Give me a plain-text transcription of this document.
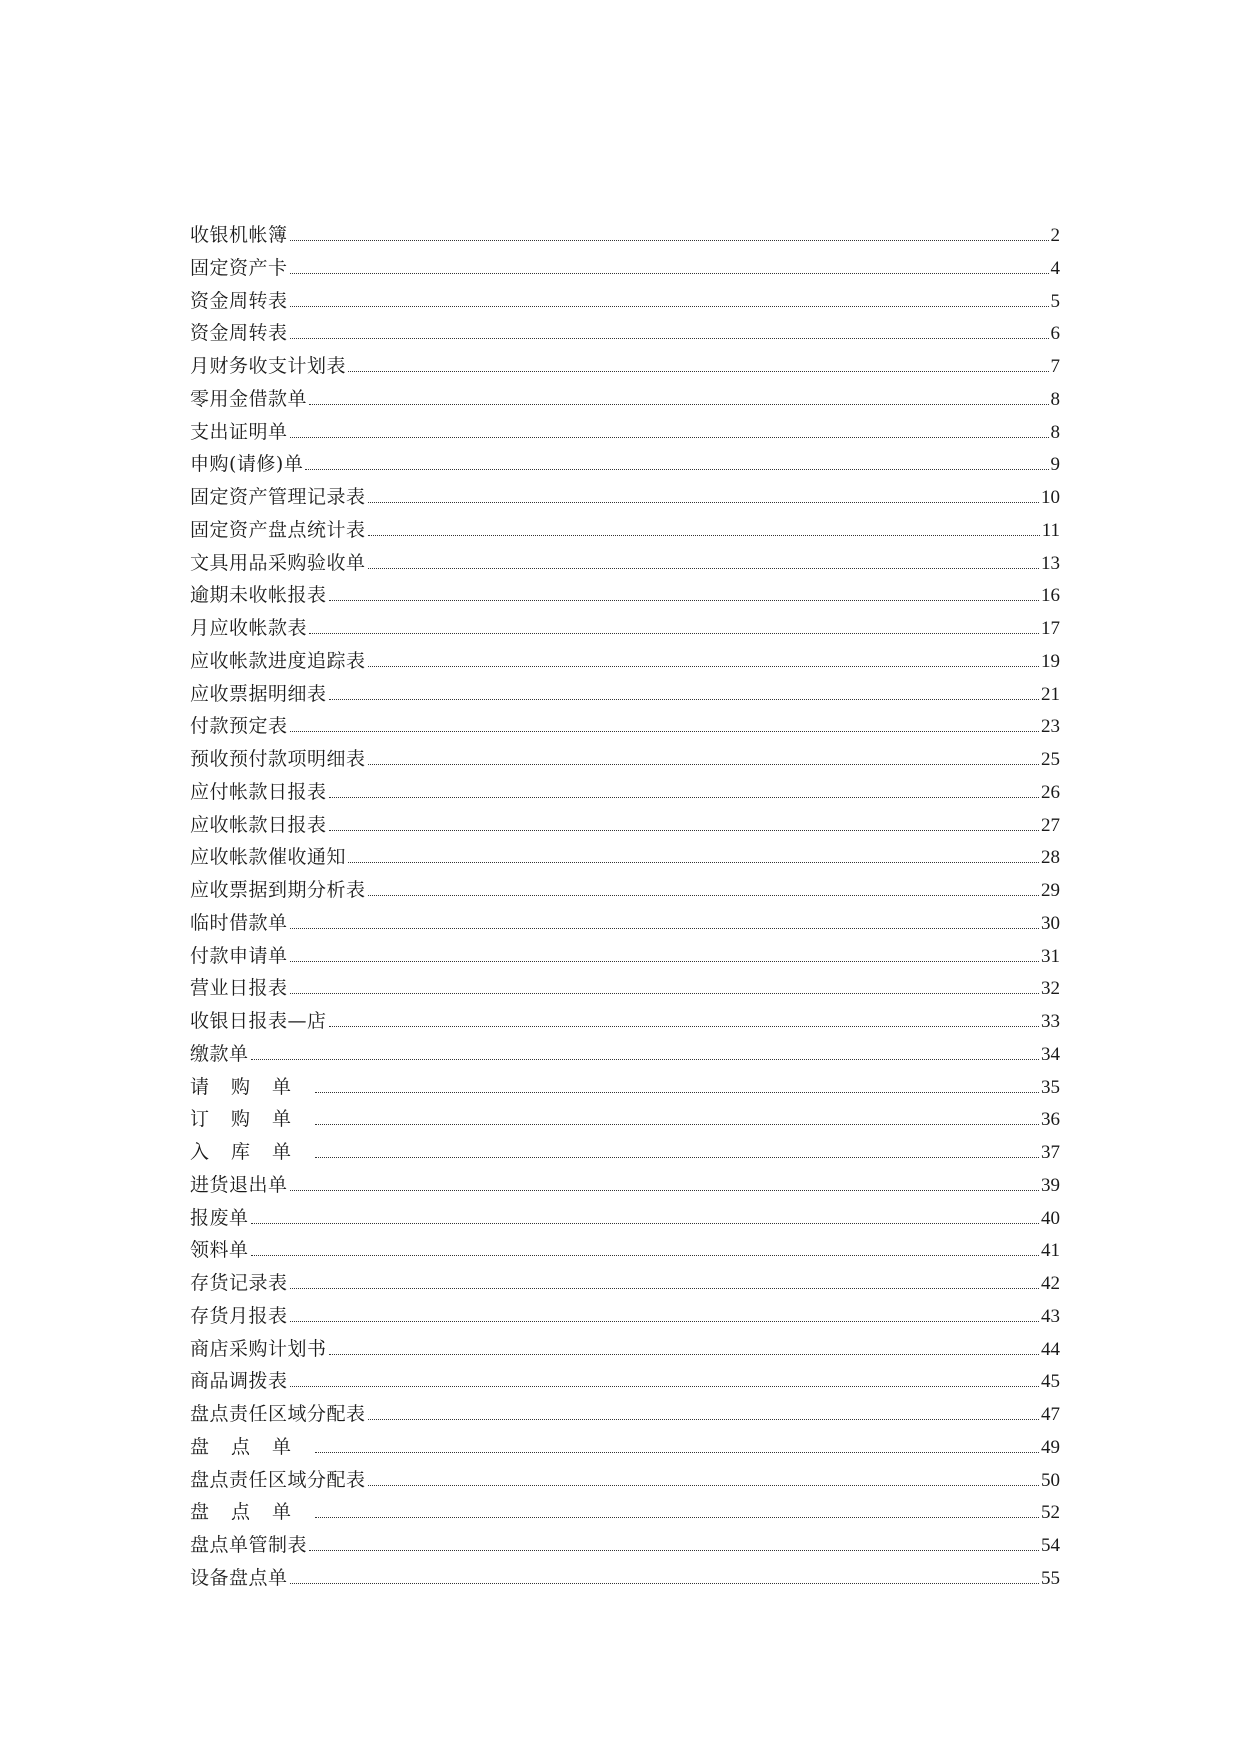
收银机帐簿	2
固定资产卡	4
资金周转表	5
资金周转表	6
月财务收支计划表	7
零用金借款单	8
支出证明单	8
申购(请修)单	9
固定资产管理记录表	10
固定资产盘点统计表	11
文具用品采购验收单	13
逾期未收帐报表	16
月应收帐款表	17
应收帐款进度追踪表	19
应收票据明细表	21
付款预定表	23
预收预付款项明细表	25
应付帐款日报表	26
应收帐款日报表	27
应收帐款催收通知	28
应收票据到期分析表	29
临时借款单	30
付款申请单	31
营业日报表	32
收银日报表—店	33
缴款单	34
请购单	35
订购单	36
入库单	37
进货退出单	39
报废单	40
领料单	41
存货记录表	42
存货月报表	43
商店采购计划书	44
商品调拨表	45
盘点责任区域分配表	47
盘点单	49
盘点责任区域分配表	50
盘点单	52
盘点单管制表	54
设备盘点单	55
